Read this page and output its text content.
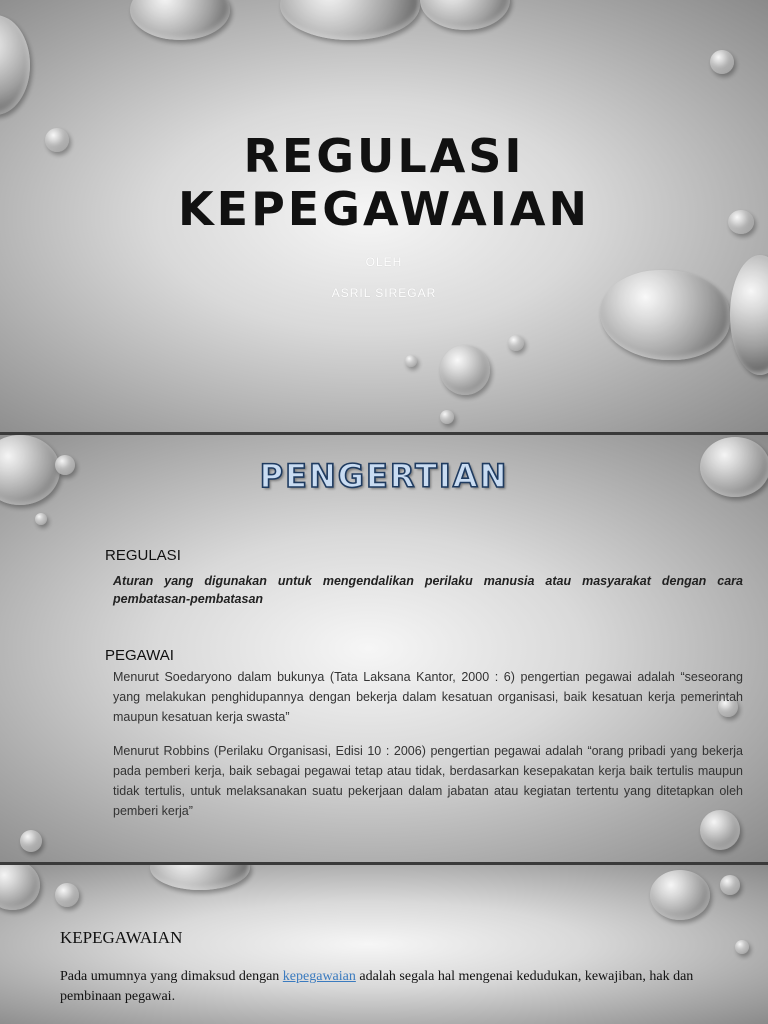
REGULASI
KEPEGAWAIAN
OLEH
ASRIL SIREGAR
PENGERTIAN
REGULASI
Aturan yang digunakan untuk mengendalikan perilaku manusia atau masyarakat dengan cara pembatasan-pembatasan
PEGAWAI
Menurut Soedaryono dalam bukunya (Tata Laksana Kantor, 2000 : 6) pengertian pegawai adalah “seseorang yang melakukan penghidupannya dengan bekerja dalam kesatuan organisasi, baik kesatuan kerja pemerintah maupun kesatuan kerja swasta”
Menurut Robbins (Perilaku Organisasi, Edisi 10 : 2006) pengertian pegawai adalah “orang pribadi yang bekerja pada pemberi kerja, baik sebagai pegawai tetap atau tidak, berdasarkan kesepakatan kerja baik tertulis maupun tidak tertulis, untuk melaksanakan suatu pekerjaan dalam jabatan atau kegiatan tertentu yang ditetapkan oleh pemberi kerja”
KEPEGAWAIAN
Pada umumnya yang dimaksud dengan kepegawaian adalah segala hal mengenai kedudukan, kewajiban, hak dan pembinaan pegawai.
